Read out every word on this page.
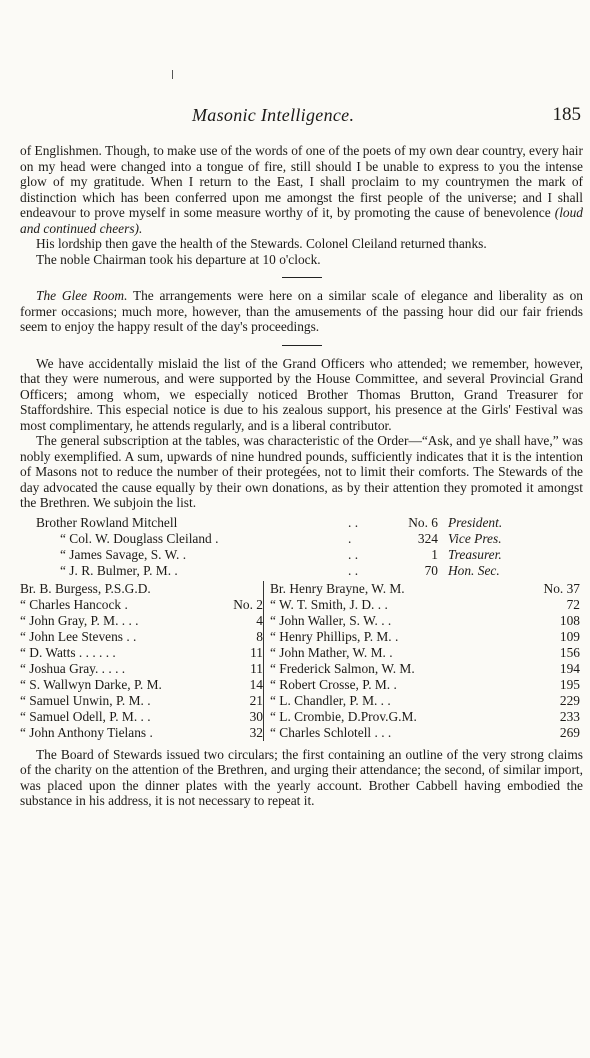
Masonic Intelligence.	185

of Englishmen. Though, to make use of the words of one of the poets of my own dear country, every hair on my head were changed into a tongue of fire, still should I be unable to express to you the intense glow of my gratitude. When I return to the East, I shall proclaim to my countrymen the mark of distinction which has been conferred upon me amongst the first people of the universe; and I shall endeavour to prove myself in some measure worthy of it, by promoting the cause of benevolence (loud and continued cheers).

His lordship then gave the health of the Stewards. Colonel Cleiland returned thanks.

The noble Chairman took his departure at 10 o'clock.

The Glee Room. The arrangements were here on a similar scale of elegance and liberality as on former occasions; much more, however, than the amusements of the passing hour did our fair friends seem to enjoy the happy result of the day's proceedings.

We have accidentally mislaid the list of the Grand Officers who attended; we remember, however, that they were numerous, and were supported by the House Committee, and several Provincial Grand Officers; among whom, we especially noticed Brother Thomas Brutton, Grand Treasurer for Staffordshire. This especial notice is due to his zealous support, his presence at the Girls' Festival was most complimentary, he attends regularly, and is a liberal contributor.

The general subscription at the tables, was characteristic of the Order—“Ask, and ye shall have,” was nobly exemplified. A sum, upwards of nine hundred pounds, sufficiently indicates that it is the intention of Masons not to reduce the number of their protegées, not to limit their comforts. The Stewards of the day advocated the cause equally by their own donations, as by their attention they promoted it amongst the Brethren. We subjoin the list.

Brother Rowland Mitchell	. .	No. 6 President.
“ Col. W. Douglass Cleiland .	.	324 Vice Pres.
“ James Savage, S. W. .	. .	1 Treasurer.
“ J. R. Bulmer, P. M. .	. .	70 Hon. Sec.
Br. B. Burgess, P.S.G.D.
“ Charles Hancock .	No. 2
“ John Gray, P. M. . . .	4
“ John Lee Stevens . .	8
“ D. Watts . . . . . .	11
“ Joshua Gray. . . . .	11
“ S. Wallwyn Darke, P. M.	14
“ Samuel Unwin, P. M. .	21
“ Samuel Odell, P. M. . .	30
“ John Anthony Tielans .	32
Br. Henry Brayne, W. M.	No. 37
“ W. T. Smith, J. D. . .	72
“ John Waller, S. W. . .	108
“ Henry Phillips, P. M. .	109
“ John Mather, W. M. .	156
“ Frederick Salmon, W. M.	194
“ Robert Crosse, P. M. .	195
“ L. Chandler, P. M. . .	229
“ L. Crombie, D.Prov.G.M.	233
“ Charles Schlotell . . .	269

The Board of Stewards issued two circulars; the first containing an outline of the very strong claims of the charity on the attention of the Brethren, and urging their attendance; the second, of similar import, was placed upon the dinner plates with the yearly account. Brother Cabbell having embodied the substance in his address, it is not necessary to repeat it.
